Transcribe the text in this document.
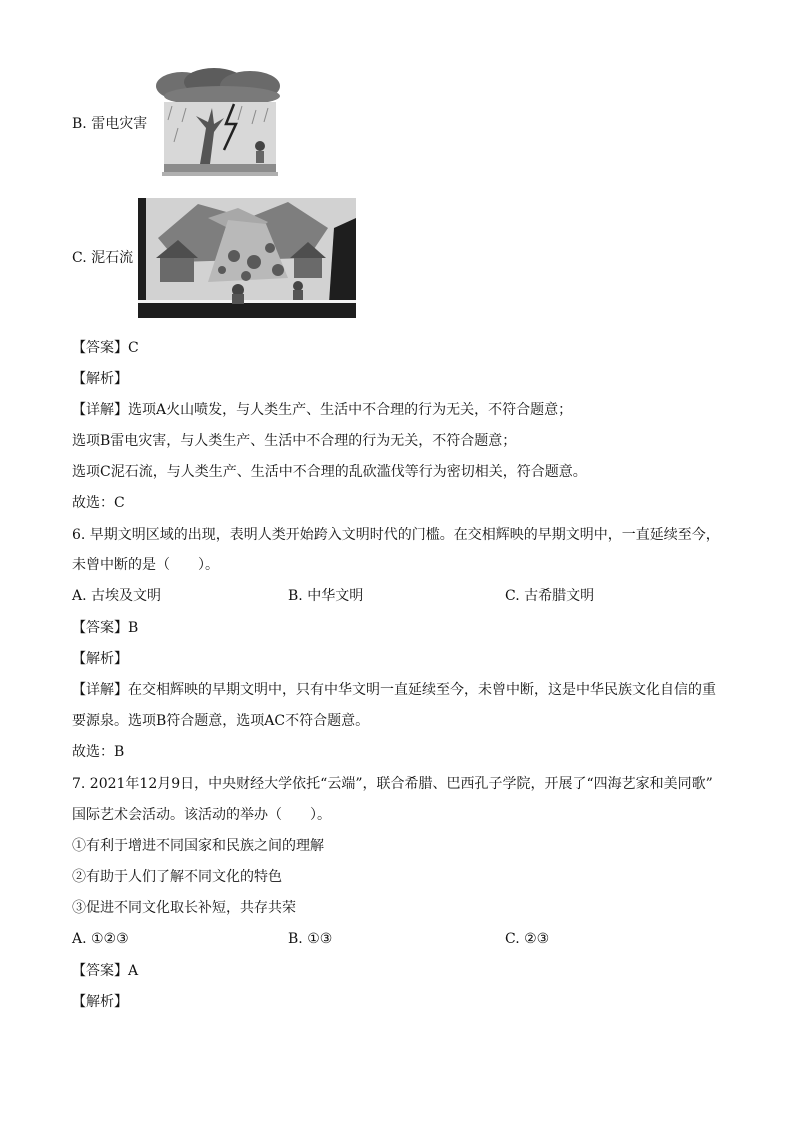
B. 雷电灾害
C. 泥石流
【答案】C
【解析】
【详解】选项A火山喷发，与人类生产、生活中不合理的行为无关，不符合题意；
选项B雷电灾害，与人类生产、生活中不合理的行为无关，不符合题意；
选项C泥石流，与人类生产、生活中不合理的乱砍滥伐等行为密切相关，符合题意。
故选：C
6. 早期文明区域的出现，表明人类开始跨入文明时代的门槛。在交相辉映的早期文明中，一直延续至今，
未曾中断的是（　　）。
A. 古埃及文明	B. 中华文明	C. 古希腊文明
【答案】B
【解析】
【详解】在交相辉映的早期文明中，只有中华文明一直延续至今，未曾中断，这是中华民族文化自信的重
要源泉。选项B符合题意，选项AC不符合题意。
故选：B
7. 2021年12月9日，中央财经大学依托“云端”，联合希腊、巴西孔子学院，开展了“四海艺家和美同歌”
国际艺术会活动。该活动的举办（　　）。
①有利于增进不同国家和民族之间的理解
②有助于人们了解不同文化的特色
③促进不同文化取长补短，共存共荣
A. ①②③	B. ①③	C. ②③
【答案】A
【解析】
